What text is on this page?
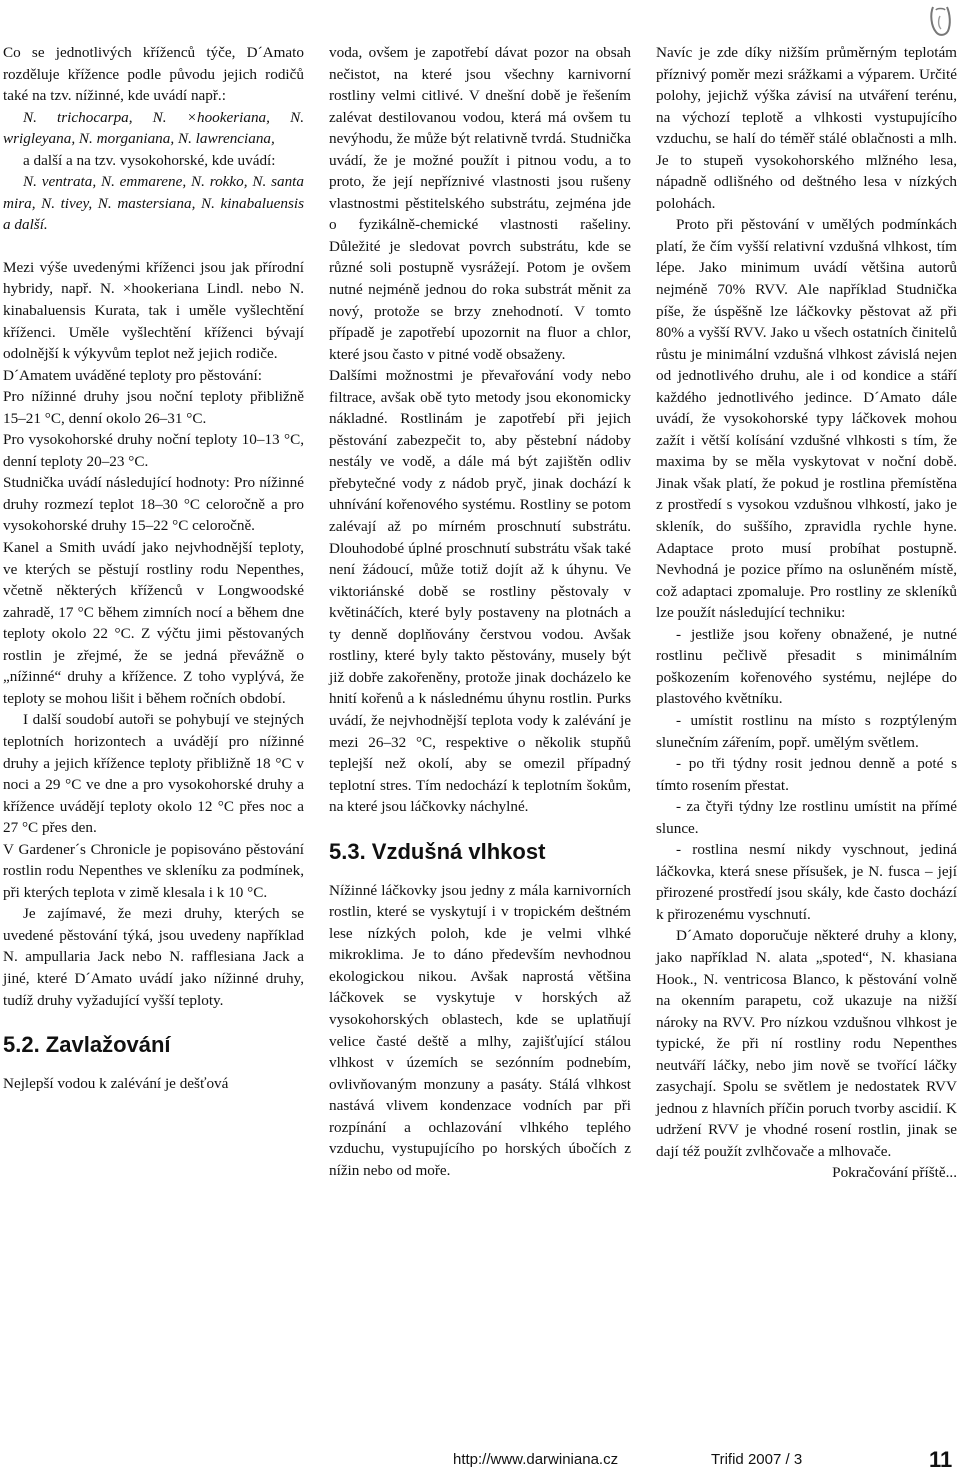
Co se jednotlivých kříženců týče, D´Amato rozděluje křížence podle původu jejich rodičů také na tzv. nížinné, kde uvádí např.:

N. trichocarpa, N. ×hookeriana, N. wrigleyana, N. morganiana, N. lawrenciana,

a další a na tzv. vysokohorské, kde uvádí:

N. ventrata, N. emmarene, N. rokko, N. santa mira, N. tivey, N. mastersiana, N. kinabaluensis a další.

Mezi výše uvedenými kříženci jsou jak přírodní hybridy, např. N. ×hookeriana Lindl. nebo N. kinabaluensis Kurata, tak i uměle vyšlechtění kříženci. Uměle vyšlechtění kříženci bývají odolnější k výkyvům teplot než jejich rodiče.

D´Amatem uváděné teploty pro pěstování:

Pro nížinné druhy jsou noční teploty přibližně 15–21 °C, denní okolo 26–31 °C.

Pro vysokohorské druhy noční teploty 10–13 °C, denní teploty 20–23 °C.

Studnička uvádí následující hodnoty: Pro nížinné druhy rozmezí teplot 18–30 °C celoročně a pro vysokohorské druhy 15–22 °C celoročně.

Kanel a Smith uvádí jako nejvhodnější teploty, ve kterých se pěstují rostliny rodu Nepenthes, včetně některých kříženců v Longwoodské zahradě, 17 °C během zimních nocí a během dne teploty okolo 22 °C. Z výčtu jimi pěstovaných rostlin je zřejmé, že se jedná převážně o „nížinné“ druhy a křížence. Z toho vyplývá, že teploty se mohou lišit i během ročních období.

I další soudobí autoři se pohybují ve stejných teplotních horizontech a uvádějí pro nížinné druhy a jejich křížence teploty přibližně 18 °C v noci a 29 °C ve dne a pro vysokohorské druhy a křížence uvádějí teploty okolo 12 °C přes noc a 27 °C přes den.

V Gardener´s Chronicle je popisováno pěstování rostlin rodu Nepenthes ve skleníku za podmínek, při kterých teplota v zimě klesala i k 10 °C.

Je zajímavé, že mezi druhy, kterých se uvedené pěstování týká, jsou uvedeny například N. ampullaria Jack nebo N. rafflesiana Jack a jiné, které D´Amato uvádí jako nížinné druhy, tudíž druhy vyžadující vyšší teploty.

5.2. Zavlažování

Nejlepší vodou k zalévání je dešťová

voda, ovšem je zapotřebí dávat pozor na obsah nečistot, na které jsou všechny karnivorní rostliny velmi citlivé. V dnešní době je řešením zalévat destilovanou vodou, která má ovšem tu nevýhodu, že může být relativně tvrdá. Studnička uvádí, že je možné použít i pitnou vodu, a to proto, že její nepříznivé vlastnosti jsou rušeny vlastnostmi pěstitelského substrátu, zejména jde o fyzikálně-chemické vlastnosti rašeliny. Důležité je sledovat povrch substrátu, kde se různé soli postupně vysrážejí. Potom je ovšem nutné nejméně jednou do roka substrát měnit za nový, protože se brzy znehodnotí. V tomto případě je zapotřebí upozornit na fluor a chlor, které jsou často v pitné vodě obsaženy.

Dalšími možnostmi je převařování vody nebo filtrace, avšak obě tyto metody jsou ekonomicky nákladné. Rostlinám je zapotřebí při jejich pěstování zabezpečit to, aby pěstební nádoby nestály ve vodě, a dále má být zajištěn odliv přebytečné vody z nádob pryč, jinak dochází k uhnívání kořenového systému. Rostliny se potom zalévají až po mírném proschnutí substrátu. Dlouhodobé úplné proschnutí substrátu však také není žádoucí, může totiž dojít až k úhynu. Ve viktoriánské době se rostliny pěstovaly v květináčích, které byly postaveny na plotnách a ty denně doplňovány čerstvou vodou. Avšak rostliny, které byly takto pěstovány, musely být již dobře zakořeněny, protože jinak docházelo ke hnití kořenů a k následnému úhynu rostlin. Purks uvádí, že nejvhodnější teplota vody k zalévání je mezi 26–32 °C, respektive o několik stupňů teplejší než okolí, aby se omezil případný teplotní stres. Tím nedochází k teplotním šokům, na které jsou láčkovky náchylné.

5.3. Vzdušná vlhkost

Nížinné láčkovky jsou jedny z mála karnivorních rostlin, které se vyskytují i v tropickém deštném lese nízkých poloh, kde je velmi vlhké mikroklima. Je to dáno především nevhodnou ekologickou nikou. Avšak naprostá většina láčkovek se vyskytuje v horských až vysokohorských oblastech, kde se uplatňují velice časté deště a mlhy, zajišťující stálou vlhkost v územích se sezónním podnebím, ovlivňovaným monzuny a pasáty. Stálá vlhkost nastává vlivem kondenzace vodních par při rozpínání a ochlazování vlhkého teplého vzduchu, vystupujícího po horských úbočích z nížin nebo od moře.

Navíc je zde díky nižším průměrným teplotám příznivý poměr mezi srážkami a výparem. Určité polohy, jejichž výška závisí na utváření terénu, na výchozí teplotě a vlhkosti vystupujícího vzduchu, se halí do téměř stálé oblačnosti a mlh. Je to stupeň vysokohorského mlžného lesa, nápadně odlišného od deštného lesa v nízkých polohách.

Proto při pěstování v umělých podmínkách platí, že čím vyšší relativní vzdušná vlhkost, tím lépe. Jako minimum uvádí většina autorů nejméně 70% RVV. Ale například Studnička píše, že úspěšně lze láčkovky pěstovat až při 80% a vyšší RVV. Jako u všech ostatních činitelů růstu je minimální vzdušná vlhkost závislá nejen od jednotlivého druhu, ale i od kondice a stáří každého jednotlivého jedince. D´Amato dále uvádí, že vysokohorské typy láčkovek mohou zažít i větší kolísání vzdušné vlhkosti s tím, že maxima by se měla vyskytovat v noční době. Jinak však platí, že pokud je rostlina přemístěna z prostředí s vysokou vzdušnou vlhkostí, jako je skleník, do suššího, zpravidla rychle hyne. Adaptace proto musí probíhat postupně. Nevhodná je pozice přímo na osluněném místě, což adaptaci zpomaluje. Pro rostliny ze skleníků lze použít následující techniku:

- jestliže jsou kořeny obnažené, je nutné rostlinu pečlivě přesadit s minimálním poškozením kořenového systému, nejlépe do plastového květníku.

- umístit rostlinu na místo s rozptýleným slunečním zářením, popř. umělým světlem.

- po tři týdny rosit jednou denně a poté s tímto rosením přestat.

- za čtyři týdny lze rostlinu umístit na přímé slunce.

- rostlina nesmí nikdy vyschnout, jediná láčkovka, která snese přísušek, je N. fusca – její přirozené prostředí jsou skály, kde často dochází k přirozenému vyschnutí.

D´Amato doporučuje některé druhy a klony, jako například N. alata „spoted“, N. khasiana Hook., N. ventricosa Blanco, k pěstování volně na okenním parapetu, což ukazuje na nižší nároky na RVV. Pro nízkou vzdušnou vlhkost je typické, že při ní rostliny rodu Nepenthes neutváří láčky, nebo jim nově se tvořící láčky zasychají. Spolu se světlem je nedostatek RVV jednou z hlavních příčin poruch tvorby ascidií. K udržení RVV je vhodné rosení rostlin, jinak se dají též použít zvlhčovače a mlhovače.

Pokračování příště...

http://www.darwiniana.cz	Trifid 2007 / 3	11
